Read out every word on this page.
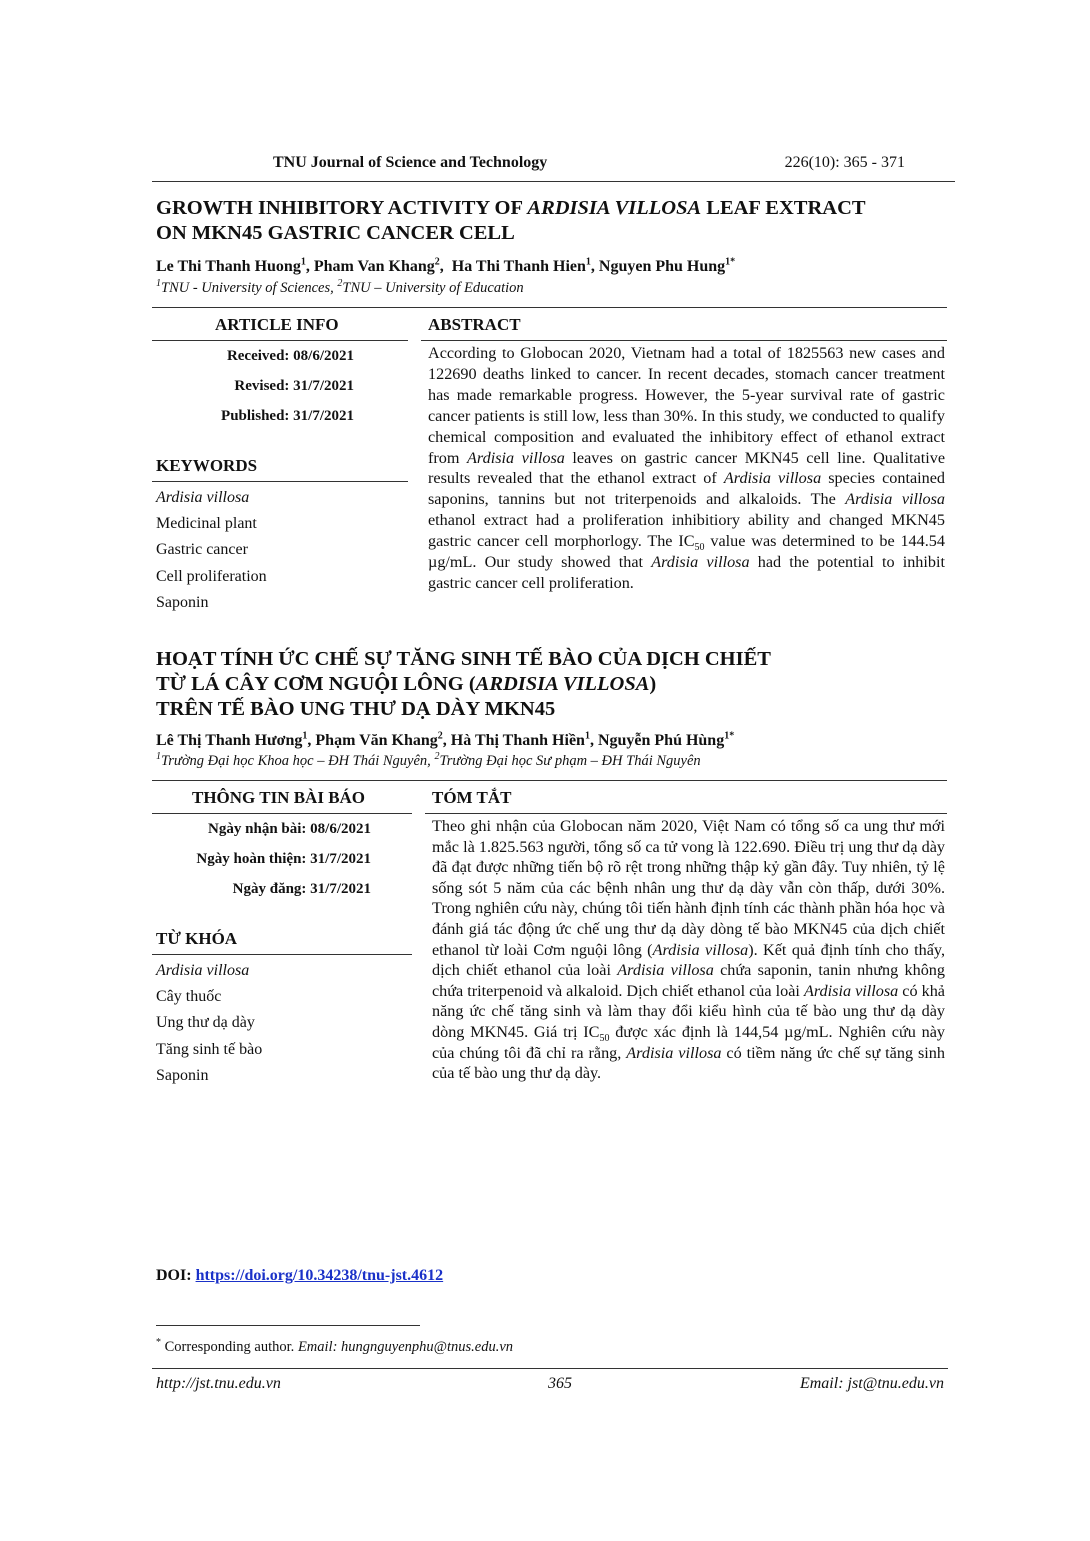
TNU Journal of Science and Technology	226(10): 365 - 371
GROWTH INHIBITORY ACTIVITY OF ARDISIA VILLOSA LEAF EXTRACT
ON MKN45 GASTRIC CANCER CELL
Le Thi Thanh Huong$^1$, Pham Van Khang$^2$,  Ha Thi Thanh Hien$^1$, Nguyen Phu Hung$^{1*}$
$^1$TNU - University of Sciences, $^2$TNU – University of Education
ARTICLE INFO	ABSTRACT
Received: 08/6/2021
Revised: 31/7/2021
Published: 31/7/2021
KEYWORDS
Ardisia villosa
Medicinal plant
Gastric cancer
Cell proliferation
Saponin

According to Globocan 2020, Vietnam had a total of 1825563 new cases and 122690 deaths linked to cancer. In recent decades, stomach cancer treatment has made remarkable progress. However, the 5-year survival rate of gastric cancer patients is still low, less than 30%. In this study, we conducted to qualify chemical composition and evaluated the inhibitory effect of ethanol extract from Ardisia villosa leaves on gastric cancer MKN45 cell line. Qualitative results revealed that the ethanol extract of Ardisia villosa species contained saponins, tannins but not triterpenoids and alkaloids. The Ardisia villosa ethanol extract had a proliferation inhibitiory ability and changed MKN45 gastric cancer cell morphorlogy. The $IC_{50}$ value was determined to be 144.54 µg/mL. Our study showed that Ardisia villosa had the potential to inhibit gastric cancer cell proliferation.

HOẠT TÍNH ỨC CHẾ SỰ TĂNG SINH TẾ BÀO CỦA DỊCH CHIẾT
TỪ LÁ CÂY CƠM NGUỘI LÔNG (ARDISIA VILLOSA)
TRÊN TẾ BÀO UNG THƯ DẠ DÀY MKN45
Lê Thị Thanh Hương$^1$, Phạm Văn Khang$^2$, Hà Thị Thanh Hiền$^1$, Nguyễn Phú Hùng$^{1*}$
$^1$Trường Đại học Khoa học – ĐH Thái Nguyên, $^2$Trường Đại học Sư phạm – ĐH Thái Nguyên
THÔNG TIN BÀI BÁO	TÓM TẮT
Ngày nhận bài: 08/6/2021
Ngày hoàn thiện: 31/7/2021
Ngày đăng: 31/7/2021
TỪ KHÓA
Ardisia villosa
Cây thuốc
Ung thư dạ dày
Tăng sinh tế bào
Saponin

Theo ghi nhận của Globocan năm 2020, Việt Nam có tổng số ca ung thư mới mắc là 1.825.563 người, tổng số ca tử vong là 122.690. Điều trị ung thư dạ dày đã đạt được những tiến bộ rõ rệt trong những thập kỷ gần đây. Tuy nhiên, tỷ lệ sống sót 5 năm của các bệnh nhân ung thư dạ dày vẫn còn thấp, dưới 30%. Trong nghiên cứu này, chúng tôi tiến hành định tính các thành phần hóa học và đánh giá tác động ức chế ung thư dạ dày dòng tế bào MKN45 của dịch chiết ethanol từ loài Cơm nguội lông (Ardisia villosa). Kết quả định tính cho thấy, dịch chiết ethanol của loài Ardisia villosa chứa saponin, tanin nhưng không chứa triterpenoid và alkaloid. Dịch chiết ethanol của loài Ardisia villosa có khả năng ức chế tăng sinh và làm thay đổi kiểu hình của tế bào ung thư dạ dày dòng MKN45. Giá trị $IC_{50}$ được xác định là 144,54 µg/mL. Nghiên cứu này của chúng tôi đã chỉ ra rằng, Ardisia villosa có tiềm năng ức chế sự tăng sinh của tế bào ung thư dạ dày.

DOI: https://doi.org/10.34238/tnu-jst.4612
* Corresponding author. Email: hungnguyenphu@tnus.edu.vn
http://jst.tnu.edu.vn	365	Email: jst@tnu.edu.vn
